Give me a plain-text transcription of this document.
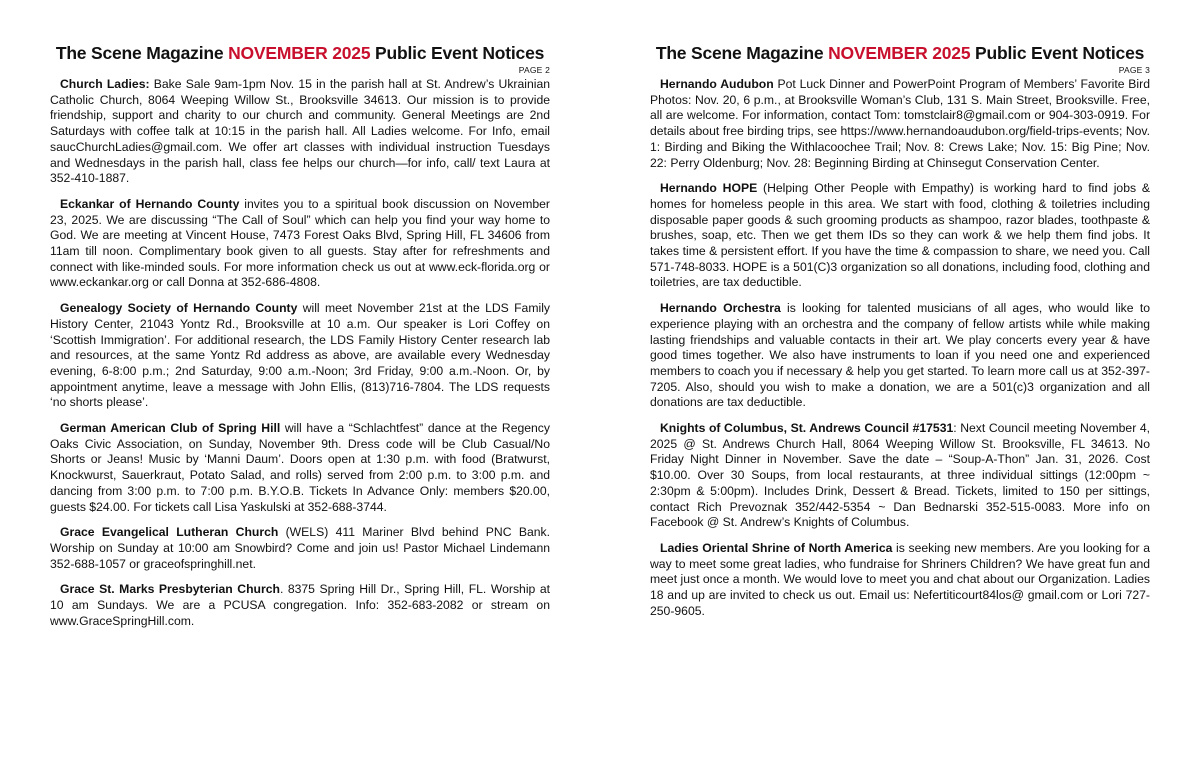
The Scene Magazine NOVEMBER 2025 Public Event Notices
PAGE 2

Church Ladies: Bake Sale 9am-1pm Nov. 15 in the parish hall at St. Andrew’s Ukrainian Catholic Church, 8064 Weeping Willow St., Brooksville 34613. Our mission is to provide friendship, support and charity to our church and community. General Meetings are 2nd Saturdays with coffee talk at 10:15 in the parish hall. All Ladies welcome. For Info, email saucChurchLadies@gmail.com. We offer art classes with individual instruction Tuesdays and Wednesdays in the parish hall, class fee helps our church—for info, call/ text Laura at 352-410-1887.

Eckankar of Hernando County invites you to a spiritual book discussion on November 23, 2025. We are discussing “The Call of Soul” which can help you find your way home to God. We are meeting at Vincent House, 7473 Forest Oaks Blvd, Spring Hill, FL 34606 from 11am till noon. Complimentary book given to all guests. Stay after for refreshments and connect with like-minded souls. For more information check us out at www.eck-florida.org or www.eckankar.org or call Donna at 352-686-4808.

Genealogy Society of Hernando County will meet November 21st at the LDS Family History Center, 21043 Yontz Rd., Brooksville at 10 a.m. Our speaker is Lori Coffey on ‘Scottish Immigration’. For additional research, the LDS Family History Center research lab and resources, at the same Yontz Rd address as above, are available every Wednesday evening, 6-8:00 p.m.; 2nd Saturday, 9:00 a.m.-Noon; 3rd Friday, 9:00 a.m.-Noon. Or, by appointment anytime, leave a message with John Ellis, (813)716-7804. The LDS requests ‘no shorts please’.

German American Club of Spring Hill will have a “Schlachtfest” dance at the Regency Oaks Civic Association, on Sunday, November 9th. Dress code will be Club Casual/No Shorts or Jeans! Music by ‘Manni Daum’. Doors open at 1:30 p.m. with food (Bratwurst, Knockwurst, Sauerkraut, Potato Salad, and rolls) served from 2:00 p.m. to 3:00 p.m. and dancing from 3:00 p.m. to 7:00 p.m. B.Y.O.B. Tickets In Advance Only: members $20.00, guests $24.00. For tickets call Lisa Yaskulski at 352-688-3744.

Grace Evangelical Lutheran Church (WELS) 411 Mariner Blvd behind PNC Bank. Worship on Sunday at 10:00 am Snowbird? Come and join us! Pastor Michael Lindemann 352-688-1057 or graceofspringhill.net.

Grace St. Marks Presbyterian Church. 8375 Spring Hill Dr., Spring Hill, FL. Worship at 10 am Sundays. We are a PCUSA congregation. Info: 352-683-2082 or stream on www.GraceSpringHill.com.

The Scene Magazine NOVEMBER 2025 Public Event Notices
PAGE 3

Hernando Audubon Pot Luck Dinner and PowerPoint Program of Members’ Favorite Bird Photos: Nov. 20, 6 p.m., at Brooksville Woman’s Club, 131 S. Main Street, Brooksville. Free, all are welcome. For information, contact Tom: tomstclair8@gmail.com or 904-303-0919. For details about free birding trips, see https://www.hernandoaudubon.org/field-trips-events; Nov. 1: Birding and Biking the Withlacoochee Trail; Nov. 8: Crews Lake; Nov. 15: Big Pine; Nov. 22: Perry Oldenburg; Nov. 28: Beginning Birding at Chinsegut Conservation Center.

Hernando HOPE (Helping Other People with Empathy) is working hard to find jobs & homes for homeless people in this area. We start with food, clothing & toiletries including disposable paper goods & such grooming products as shampoo, razor blades, toothpaste & brushes, soap, etc. Then we get them IDs so they can work & we help them find jobs. It takes time & persistent effort. If you have the time & compassion to share, we need you. Call 571-748-8033. HOPE is a 501(C)3 organization so all donations, including food, clothing and toiletries, are tax deductible.

Hernando Orchestra is looking for talented musicians of all ages, who would like to experience playing with an orchestra and the company of fellow artists while while making lasting friendships and valuable contacts in their art. We play concerts every year & have good times together. We also have instruments to loan if you need one and experienced members to coach you if necessary & help you get started. To learn more call us at 352-397-7205. Also, should you wish to make a donation, we are a 501(c)3 organization and all donations are tax deductible.

Knights of Columbus, St. Andrews Council #17531: Next Council meeting November 4, 2025 @ St. Andrews Church Hall, 8064 Weeping Willow St. Brooksville, FL 34613. No Friday Night Dinner in November. Save the date – “Soup-A-Thon” Jan. 31, 2026. Cost $10.00. Over 30 Soups, from local restaurants, at three individual sittings (12:00pm ~ 2:30pm & 5:00pm). Includes Drink, Dessert & Bread. Tickets, limited to 150 per sittings, contact Rich Prevoznak 352/442-5354 ~ Dan Bednarski 352-515-0083. More info on Facebook @ St. Andrew’s Knights of Columbus.

Ladies Oriental Shrine of North America is seeking new members. Are you looking for a way to meet some great ladies, who fundraise for Shriners Children? We have great fun and meet just once a month. We would love to meet you and chat about our Organization. Ladies 18 and up are invited to check us out. Email us: Nefertiticourt84los@ gmail.com or Lori 727-250-9605.
